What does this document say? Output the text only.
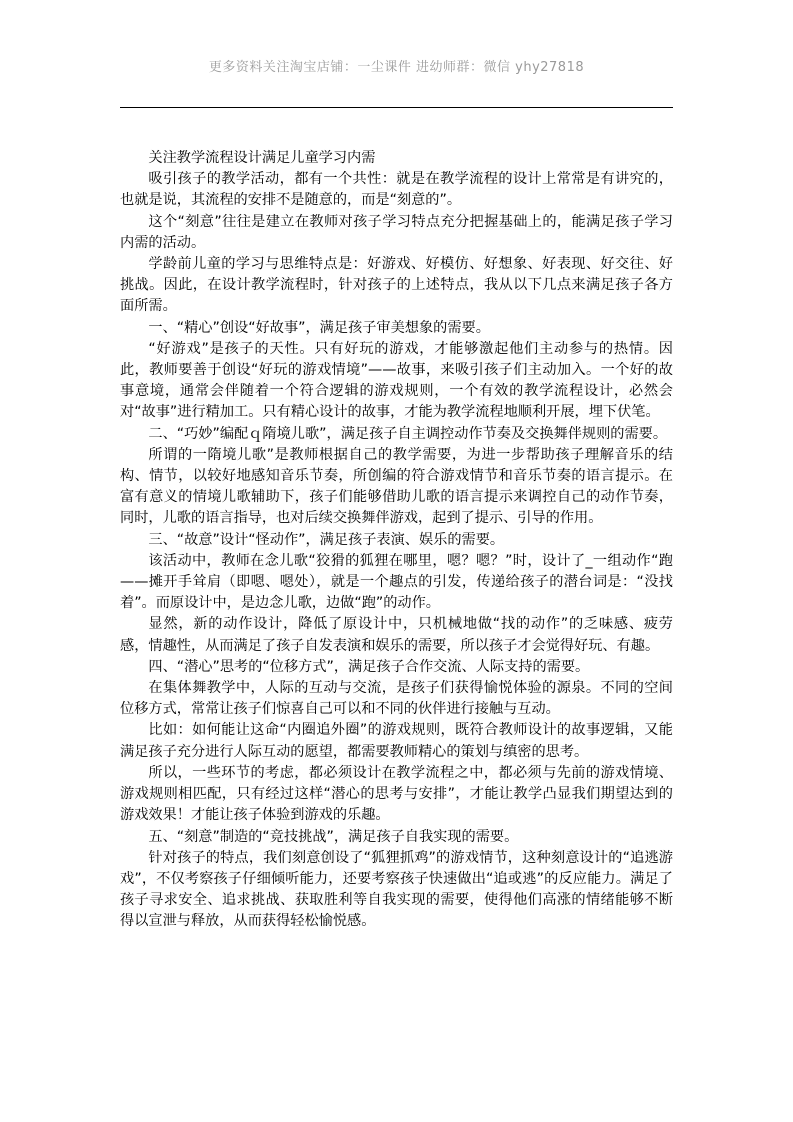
更多资料关注淘宝店铺：一尘课件 进幼师群：微信 yhy27818

关注教学流程设计满足儿童学习内需

吸引孩子的教学活动，都有一个共性：就是在教学流程的设计上常常是有讲究的，也就是说，其流程的安排不是随意的，而是“刻意的”。

这个“刻意”往往是建立在教师对孩子学习特点充分把握基础上的，能满足孩子学习内需的活动。

学龄前儿童的学习与思维特点是：好游戏、好模仿、好想象、好表现、好交往、好挑战。因此，在设计教学流程时，针对孩子的上述特点，我从以下几点来满足孩子各方面所需。

一、“精心”创设“好故事”，满足孩子审美想象的需要。

“好游戏”是孩子的天性。只有好玩的游戏，才能够激起他们主动参与的热情。因此，教师要善于创设“好玩的游戏情境”——故事，来吸引孩子们主动加入。一个好的故事意境，通常会伴随着一个符合逻辑的游戏规则，一个有效的教学流程设计，必然会对“故事”进行精加工。只有精心设计的故事，才能为教学流程地顺利开展，埋下伏笔。

二、“巧妙”编配ｑ隋境儿歌”，满足孩子自主调控动作节奏及交换舞伴规则的需要。

所谓的一隋境儿歌”是教师根据自己的教学需要，为进一步帮助孩子理解音乐的结构、情节，以较好地感知音乐节奏，所创编的符合游戏情节和音乐节奏的语言提示。在富有意义的情境儿歌辅助下，孩子们能够借助儿歌的语言提示来调控自己的动作节奏，同时，儿歌的语言指导，也对后续交换舞伴游戏，起到了提示、引导的作用。

三、“故意”设计“怪动作”，满足孩子表演、娱乐的需要。

该活动中，教师在念儿歌“狡猾的狐狸在哪里，嗯？嗯？”时，设计了_一组动作“跑——摊开手耸肩（即嗯、嗯处），就是一个趣点的引发，传递给孩子的潜台词是：“没找着”。而原设计中，是边念儿歌，边做“跑”的动作。

显然，新的动作设计，降低了原设计中，只机械地做“找的动作”的乏味感、疲劳感，情趣性，从而满足了孩子自发表演和娱乐的需要，所以孩子才会觉得好玩、有趣。

四、“潜心”思考的“位移方式”，满足孩子合作交流、人际支持的需要。

在集体舞教学中，人际的互动与交流，是孩子们获得愉悦体验的源泉。不同的空间位移方式，常常让孩子们惊喜自己可以和不同的伙伴进行接触与互动。

比如：如何能让这命“内圈追外圈”的游戏规则，既符合教师设计的故事逻辑，又能满足孩子充分进行人际互动的愿望，都需要教师精心的策划与缜密的思考。

所以，一些环节的考虑，都必须设计在教学流程之中，都必须与先前的游戏情境、游戏规则相匹配，只有经过这样“潜心的思考与安排”，才能让教学凸显我们期望达到的游戏效果！才能让孩子体验到游戏的乐趣。

五、“刻意”制造的“竞技挑战”，满足孩子自我实现的需要。

针对孩子的特点，我们刻意创设了“狐狸抓鸡”的游戏情节，这种刻意设计的“追逃游戏”，不仅考察孩子仔细倾听能力，还要考察孩子快速做出“追或逃”的反应能力。满足了孩子寻求安全、追求挑战、获取胜利等自我实现的需要，使得他们高涨的情绪能够不断得以宣泄与释放，从而获得轻松愉悦感。
